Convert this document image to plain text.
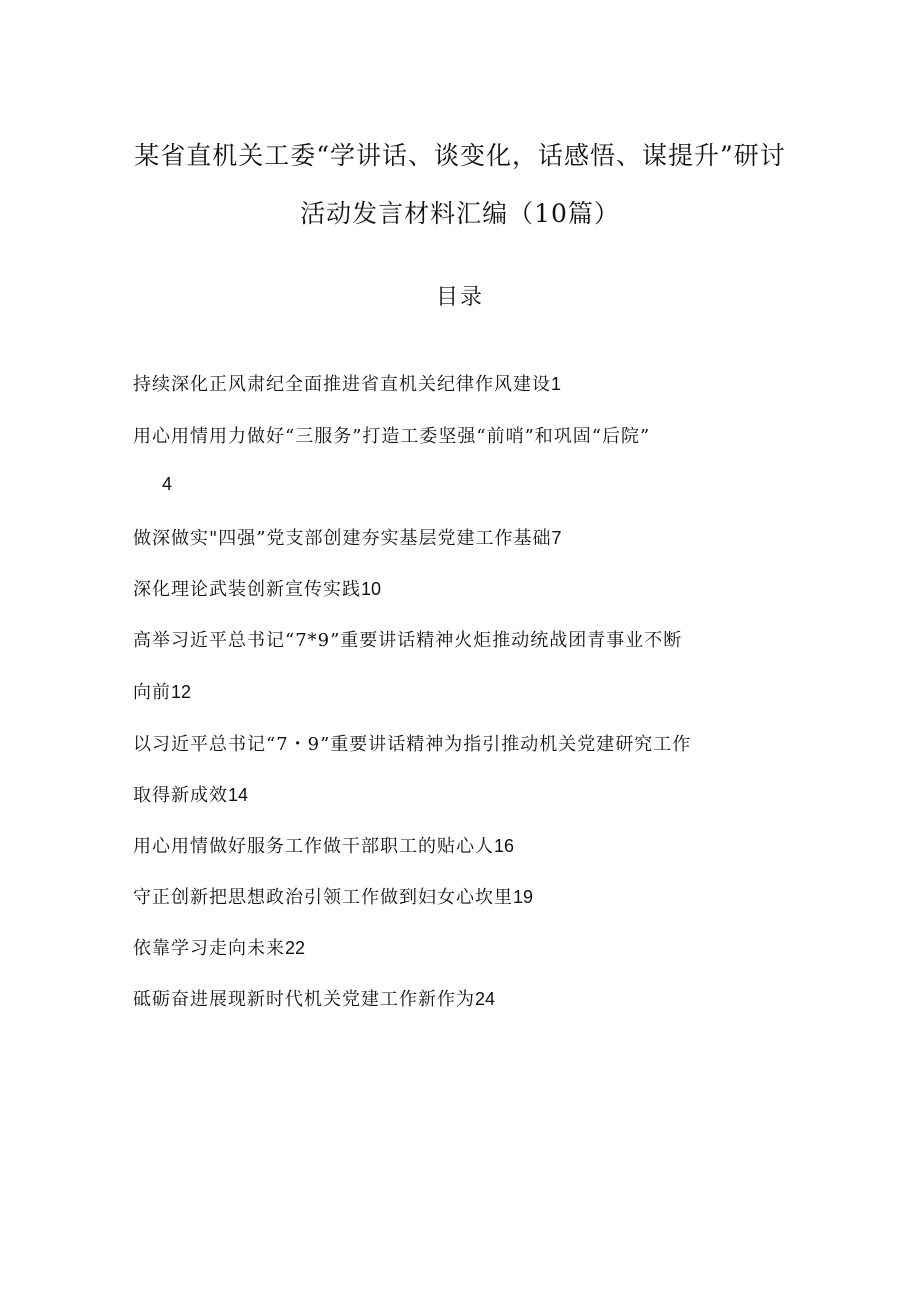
某省直机关工委“学讲话、谈变化，话感悟、谋提升”研讨
活动发言材料汇编（10篇）
目录
持续深化正风肃纪全面推进省直机关纪律作风建设1
用心用情用力做好“三服务”打造工委坚强“前哨”和巩固“后院”
4
做深做实"四强”党支部创建夯实基层党建工作基础7
深化理论武装创新宣传实践10
高举习近平总书记“7*9”重要讲话精神火炬推动统战团青事业不断
向前12
以习近平总书记“7・9”重要讲话精神为指引推动机关党建研究工作
取得新成效14
用心用情做好服务工作做干部职工的贴心人16
守正创新把思想政治引领工作做到妇女心坎里19
依靠学习走向未来22
砥砺奋进展现新时代机关党建工作新作为24
